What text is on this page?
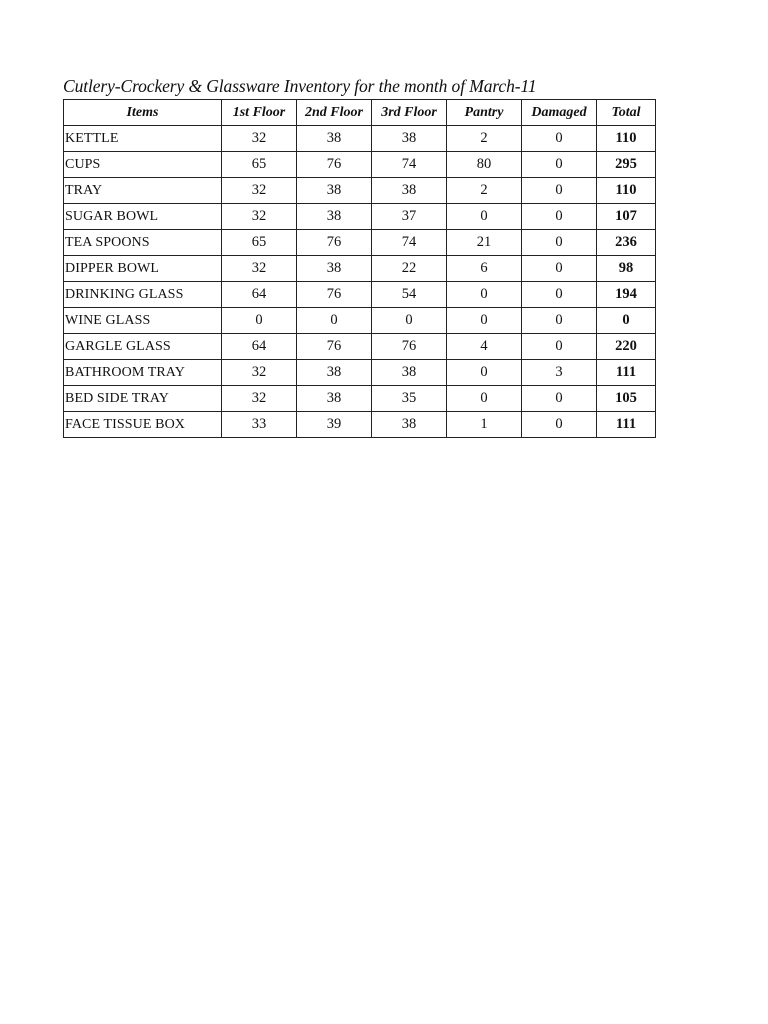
Cutlery-Crockery & Glassware Inventory for the month of March-11
Items	1st Floor	2nd Floor	3rd Floor	Pantry	Damaged	Total
KETTLE	32	38	38	2	0	110
CUPS	65	76	74	80	0	295
TRAY	32	38	38	2	0	110
SUGAR BOWL	32	38	37	0	0	107
TEA SPOONS	65	76	74	21	0	236
DIPPER BOWL	32	38	22	6	0	98
DRINKING GLASS	64	76	54	0	0	194
WINE GLASS	0	0	0	0	0	0
GARGLE GLASS	64	76	76	4	0	220
BATHROOM TRAY	32	38	38	0	3	111
BED SIDE TRAY	32	38	35	0	0	105
FACE TISSUE BOX	33	39	38	1	0	111
